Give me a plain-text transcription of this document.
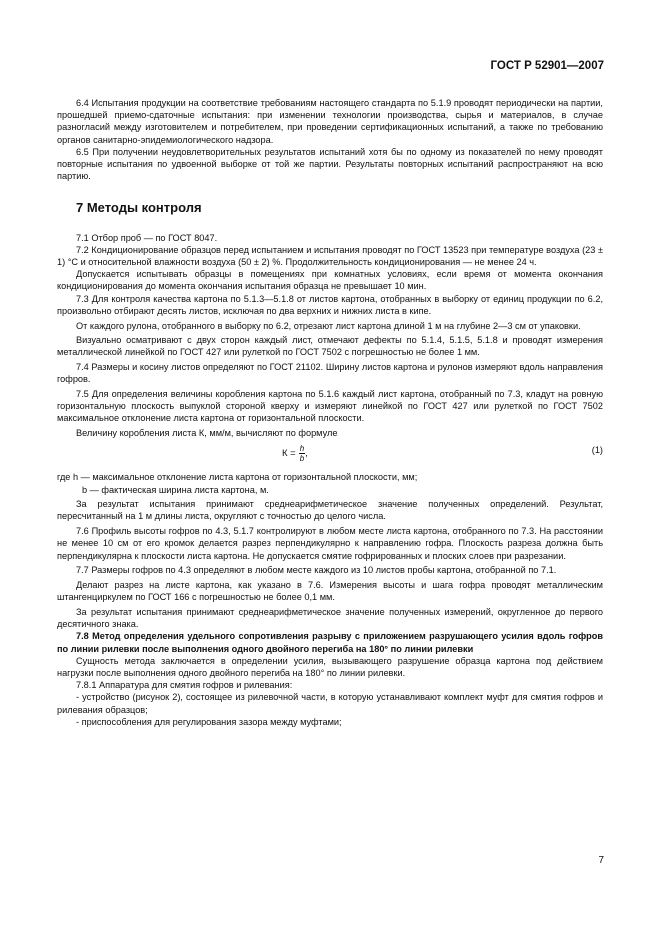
ГОСТ Р 52901—2007

6.4 Испытания продукции на соответствие требованиям настоящего стандарта по 5.1.9 проводят периодически на партии, прошедшей приемо-сдаточные испытания: при изменении технологии производства, сырья и материалов, в случае разногласий между изготовителем и потребителем, при проведении сертификационных испытаний, а также по требованию органов санитарно-эпидемиологического надзора.

6.5 При получении неудовлетворительных результатов испытаний хотя бы по одному из показателей по нему проводят повторные испытания по удвоенной выборке от той же партии. Результаты повторных испытаний распространяют на всю партию.

7 Методы контроля

7.1 Отбор проб — по ГОСТ 8047.

7.2 Кондиционирование образцов перед испытанием и испытания проводят по ГОСТ 13523 при температуре воздуха (23 ± 1) °С и относительной влажности воздуха (50 ± 2) %. Продолжительность кондиционирования — не менее 24 ч.

Допускается испытывать образцы в помещениях при комнатных условиях, если время от момента окончания кондиционирования до момента окончания испытания образца не превышает 10 мин.

7.3 Для контроля качества картона по 5.1.3—5.1.8 от листов картона, отобранных в выборку от единиц продукции по 6.2, произвольно отбирают десять листов, исключая по два верхних и нижних листа в кипе.

От каждого рулона, отобранного в выборку по 6.2, отрезают лист картона длиной 1 м на глубине 2—3 см от упаковки.

Визуально осматривают с двух сторон каждый лист, отмечают дефекты по 5.1.4, 5.1.5, 5.1.8 и проводят измерения металлической линейкой по ГОСТ 427 или рулеткой по ГОСТ 7502 с погрешностью не более 1 мм.

7.4 Размеры и косину листов определяют по ГОСТ 21102. Ширину листов картона и рулонов измеряют вдоль направления гофров.

7.5 Для определения величины коробления картона по 5.1.6 каждый лист картона, отобранный по 7.3, кладут на ровную горизонтальную плоскость выпуклой стороной кверху и измеряют линейкой по ГОСТ 427 или рулеткой по ГОСТ 7502 максимальное отклонение листа картона от горизонтальной плоскости.

Величину коробления листа К, мм/м, вычисляют по формуле

$К = \frac{h}{b}$ ,	(1)

где h — максимальное отклонение листа картона от горизонтальной плоскости, мм;

b — фактическая ширина листа картона, м.

За результат испытания принимают среднеарифметическое значение полученных определений. Результат, пересчитанный на 1 м длины листа, округляют с точностью до целого числа.

7.6 Профиль высоты гофров по 4.3, 5.1.7 контролируют в любом месте листа картона, отобранного по 7.3. На расстоянии не менее 10 см от его кромок делается разрез перпендикулярно к направлению гофра. Плоскость разреза должна быть перпендикулярна к плоскости листа картона. Не допускается смятие гофрированных и плоских слоев при разрезании.

7.7 Размеры гофров по 4.3 определяют в любом месте каждого из 10 листов пробы картона, отобранной по 7.1.

Делают разрез на листе картона, как указано в 7.6. Измерения высоты и шага гофра проводят металлическим штангенциркулем по ГОСТ 166 с погрешностью не более 0,1 мм.

За результат испытания принимают среднеарифметическое значение полученных измерений, округленное до первого десятичного знака.

7.8 Метод определения удельного сопротивления разрыву с приложением разрушающего усилия вдоль гофров по линии рилевки после выполнения одного двойного перегиба на 180° по линии рилевки

Сущность метода заключается в определении усилия, вызывающего разрушение образца картона под действием нагрузки после выполнения одного двойного перегиба на 180° по линии рилевки.

7.8.1 Аппаратура для смятия гофров и рилевания:

- устройство (рисунок 2), состоящее из рилевочной части, в которую устанавливают комплект муфт для смятия гофров и рилевания образцов;

- приспособления для регулирования зазора между муфтами;

7
